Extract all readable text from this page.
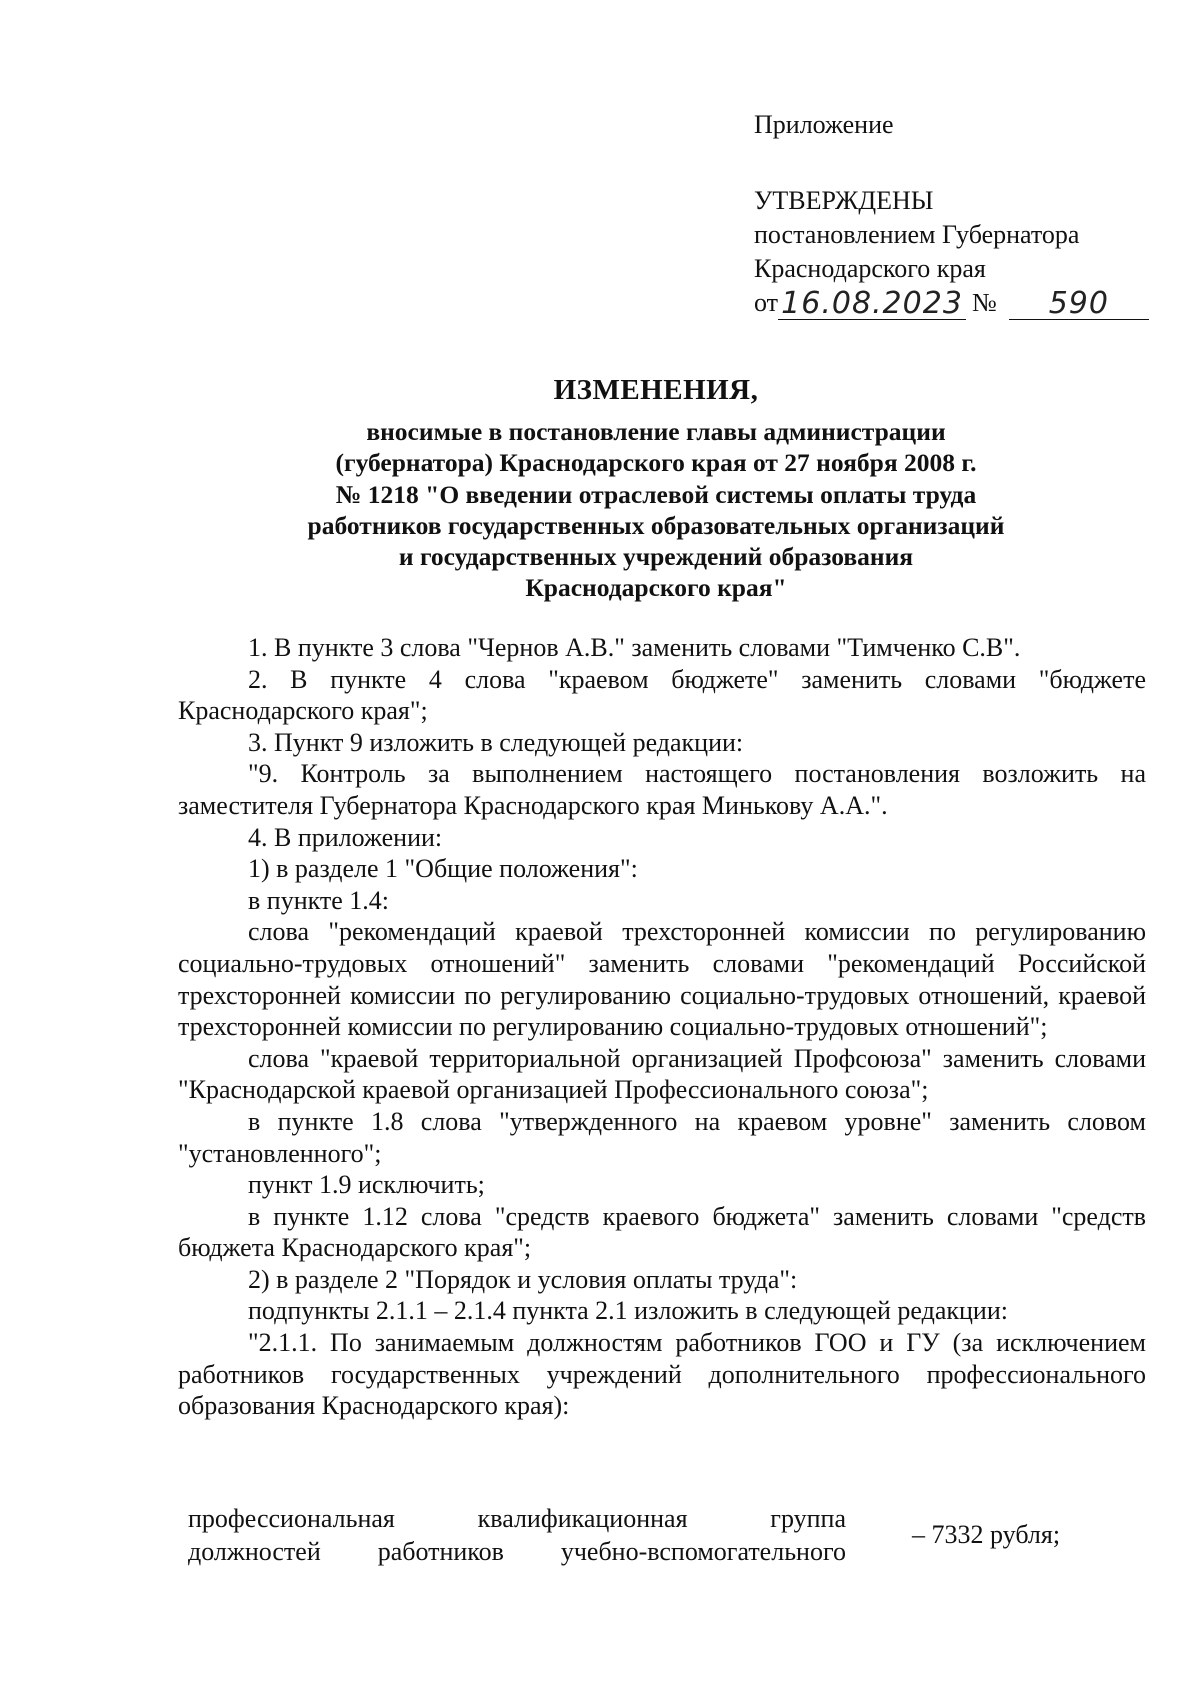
Приложение
УТВЕРЖДЕНЫ
постановлением Губернатора
Краснодарского края
от 16.08.2023 №	590
ИЗМЕНЕНИЯ,
вносимые в постановление главы администрации
(губернатора) Краснодарского края от 27 ноября 2008 г.
№ 1218 "О введении отраслевой системы оплаты труда
работников государственных образовательных организаций
и государственных учреждений образования
Краснодарского края"

1. В пункте 3 слова "Чернов А.В." заменить словами "Тимченко С.В".

2. В пункте 4 слова "краевом бюджете" заменить словами "бюджете Краснодарского края";

3. Пункт 9 изложить в следующей редакции:

"9. Контроль за выполнением настоящего постановления возложить на заместителя Губернатора Краснодарского края Минькову А.А.".

4. В приложении:

1) в разделе 1 "Общие положения":

в пункте 1.4:

слова "рекомендаций краевой трехсторонней комиссии по регулированию социально-трудовых отношений" заменить словами "рекомендаций Российской трехсторонней комиссии по регулированию социально-трудовых отношений, краевой трехсторонней комиссии по регулированию социально-трудовых отношений";

слова "краевой территориальной организацией Профсоюза" заменить словами "Краснодарской краевой организацией Профессионального союза";

в пункте 1.8 слова "утвержденного на краевом уровне" заменить словом "установленного";

пункт 1.9 исключить;

в пункте 1.12 слова "средств краевого бюджета" заменить словами "средств бюджета Краснодарского края";

2) в разделе 2 "Порядок и условия оплаты труда":

подпункты 2.1.1 – 2.1.4 пункта 2.1 изложить в следующей редакции:

"2.1.1. По занимаемым должностям работников ГОО и ГУ (за исключением работников государственных учреждений дополнительного профессионального образования Краснодарского края):

профессиональная квалификационная группа
должностей работников учебно-вспомогательного
– 7332 рубля;
